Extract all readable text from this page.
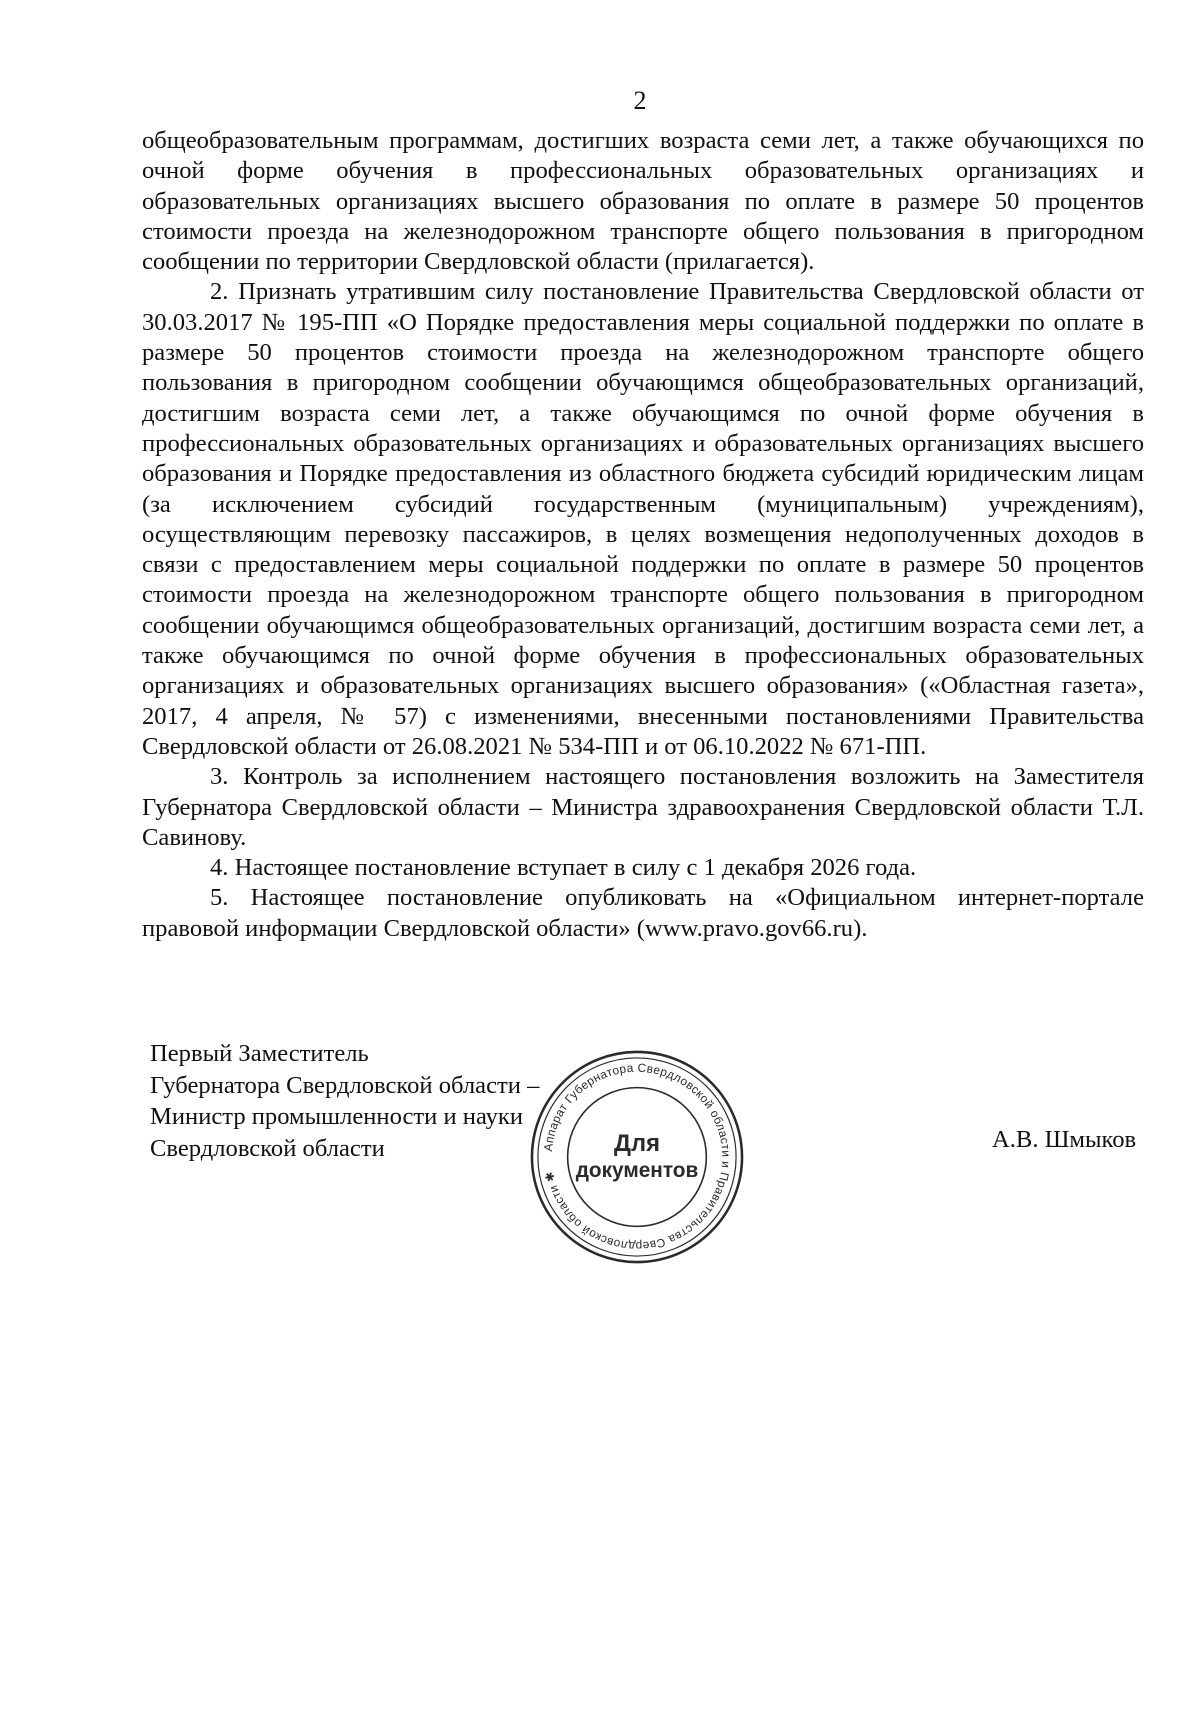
2

общеобразовательным программам, достигших возраста семи лет, а также обучающихся по очной форме обучения в профессиональных образовательных организациях и образовательных организациях высшего образования по оплате в размере 50 процентов стоимости проезда на железнодорожном транспорте общего пользования в пригородном сообщении по территории Свердловской области (прилагается).

2. Признать утратившим силу постановление Правительства Свердловской области от 30.03.2017 № 195-ПП «О Порядке предоставления меры социальной поддержки по оплате в размере 50 процентов стоимости проезда на железнодорожном транспорте общего пользования в пригородном сообщении обучающимся общеобразовательных организаций, достигшим возраста семи лет, а также обучающимся по очной форме обучения в профессиональных образовательных организациях и образовательных организациях высшего образования и Порядке предоставления из областного бюджета субсидий юридическим лицам (за исключением субсидий государственным (муниципальным) учреждениям), осуществляющим перевозку пассажиров, в целях возмещения недополученных доходов в связи с предоставлением меры социальной поддержки по оплате в размере 50 процентов стоимости проезда на железнодорожном транспорте общего пользования в пригородном сообщении обучающимся общеобразовательных организаций, достигшим возраста семи лет, а также обучающимся по очной форме обучения в профессиональных образовательных организациях и образовательных организациях высшего образования» («Областная газета», 2017, 4 апреля, № 57) с изменениями, внесенными постановлениями Правительства Свердловской области от 26.08.2021 № 534-ПП и от 06.10.2022 № 671-ПП.

3. Контроль за исполнением настоящего постановления возложить на Заместителя Губернатора Свердловской области – Министра здравоохранения Свердловской области Т.Л. Савинову.

4. Настоящее постановление вступает в силу с 1 декабря 2026 года.

5. Настоящее постановление опубликовать на «Официальном интернет-портале правовой информации Свердловской области» (www.pravo.gov66.ru).

Первый Заместитель
Губернатора Свердловской области –
Министр промышленности и науки
Свердловской области	А.В. Шмыков
Аппарат Губернатора Свердловской области и Правительства Свердловской области ✱
Для
документов
